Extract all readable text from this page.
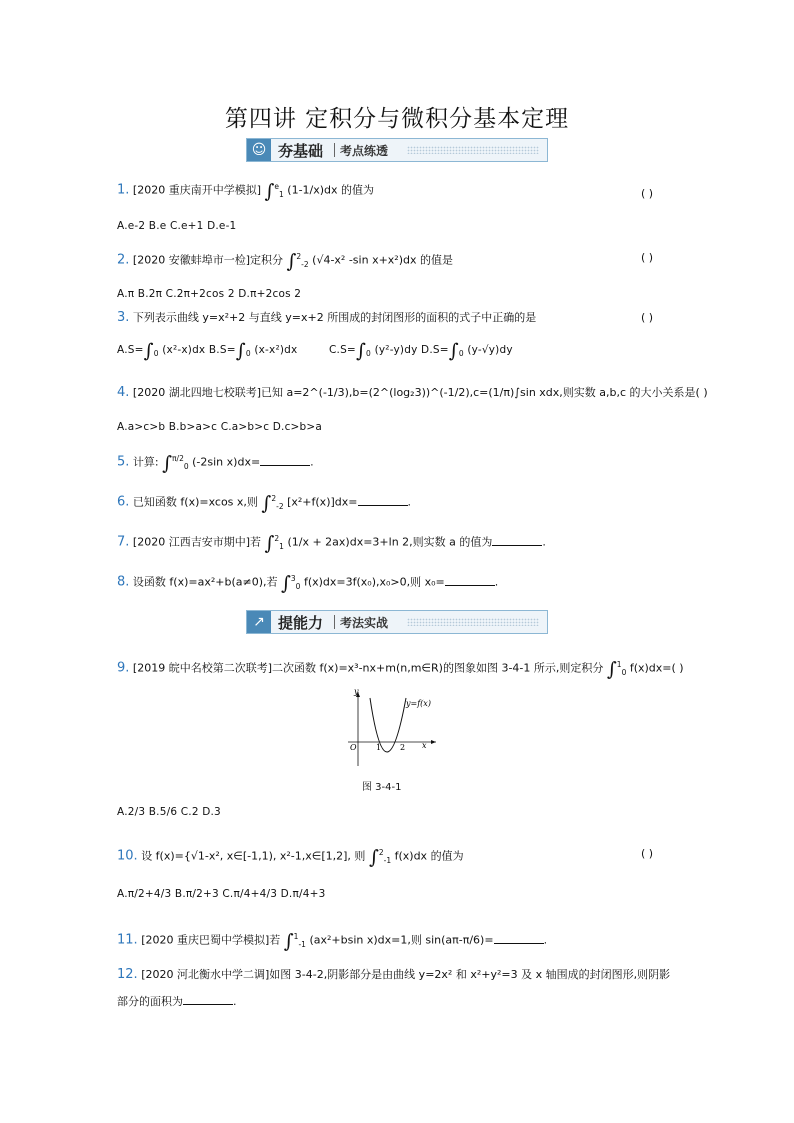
第四讲 定积分与微积分基本定理
☺ 夯基础 考点练透
1. [2020 重庆南开中学模拟] ∫$^e_1$ (1-1/x)dx 的值为	( )
A.e-2 B.e C.e+1 D.e-1
2. [2020 安徽蚌埠市一检]定积分 ∫$^2_{-2}$ (√4-x² -sin x+x²)dx 的值是	( )
A.π B.2π C.2π+2cos 2 D.π+2cos 2
3. 下列表示曲线 y=x²+2 与直线 y=x+2 所围成的封闭图形的面积的式子中正确的是	( )
$A.S=\int_0$ (x²-x)dx $B.S=\int_0$ (x-x²)dx	$C.S=\int_0$ (y²-y)dy $D.S=\int_0$ (y-√y)dy
4. [2020 湖北四地七校联考]已知 a=2^(-1/3),b=(2^(log₂3))^(-1/2),c=(1/π)∫sin xdx,则实数 a,b,c 的大小关系是( )
A.a>c>b B.b>a>c C.a>b>c D.c>b>a
5. 计算: ∫$^{\pi/2}_0$ (-2sin x)dx=	.
6. 已知函数 f(x)=xcos x,则 ∫$^2_{-2}$ [x²+f(x)]dx=	.
7. [2020 江西吉安市期中]若 ∫$^2_1$ (1/x + 2ax)dx=3+ln 2,则实数 a 的值为	.
8. 设函数 f(x)=ax²+b(a≠0),若 ∫$^3_0$ f(x)dx=3f(x₀),x₀>0,则 x₀=	.
↗ 提能力 考法实战
9. [2019 皖中名校第二次联考]二次函数 f(x)=x³-nx+m(n,m∈R)的图象如图 3-4-1 所示,则定积分 ∫$^1_0$ f(x)dx=( )
y
x
O 1 2
y=f(x)
图 3-4-1
A.2/3 B.5/6 C.2 D.3
10. 设 f(x)={√1-x², x∈[-1,1), x²-1,x∈[1,2], 则 ∫$^2_{-1}$ f(x)dx 的值为	( )
A.π/2+4/3 B.π/2+3 C.π/4+4/3 D.π/4+3
11. [2020 重庆巴蜀中学模拟]若 ∫$^1_{-1}$ (ax²+bsin x)dx=1,则 sin(aπ-π/6)=	.
12. [2020 河北衡水中学二调]如图 3-4-2,阴影部分是由曲线 y=2x² 和 x²+y²=3 及 x 轴围成的封闭图形,则阴影
部分的面积为	.
